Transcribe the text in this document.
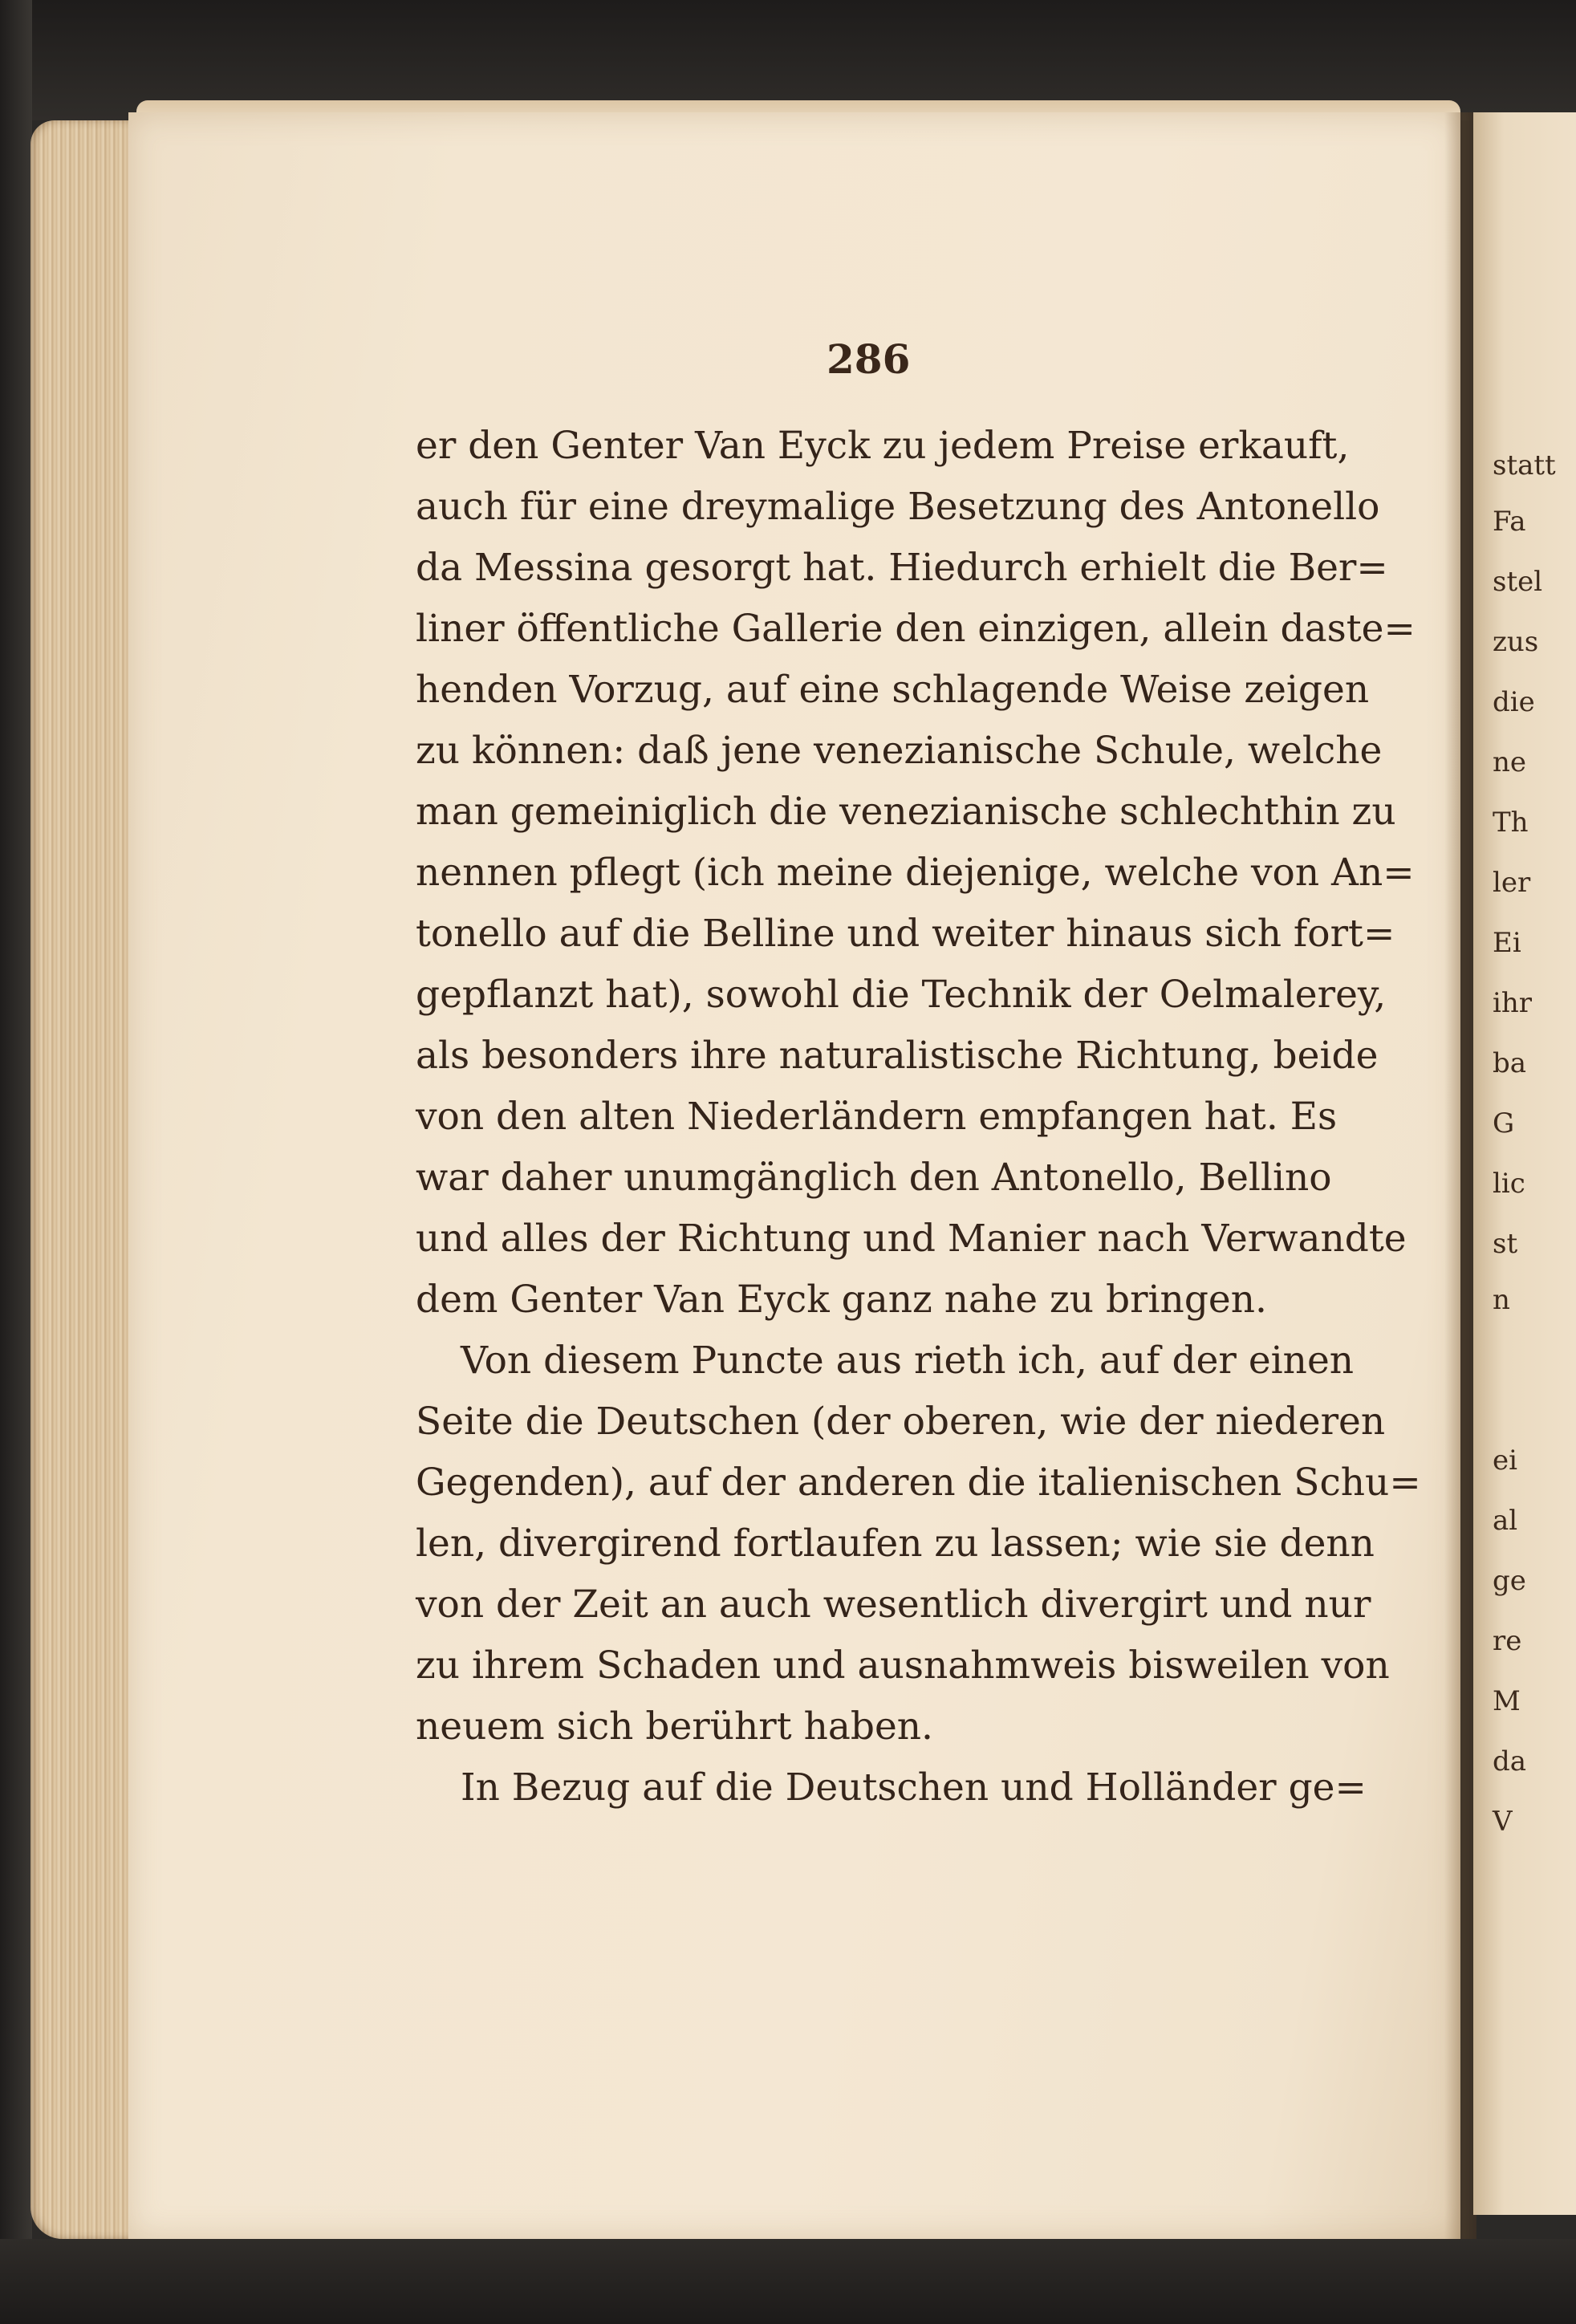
286
er den Genter Van Eyck zu jedem Preise erkauft,
auch für eine dreymalige Besetzung des Antonello
da Messina gesorgt hat. Hiedurch erhielt die Ber=
liner öffentliche Gallerie den einzigen, allein daste=
henden Vorzug, auf eine schlagende Weise zeigen
zu können: daß jene venezianische Schule, welche
man gemeiniglich die venezianische schlechthin zu
nennen pflegt (ich meine diejenige, welche von An=
tonello auf die Belline und weiter hinaus sich fort=
gepflanzt hat), sowohl die Technik der Oelmalerey,
als besonders ihre naturalistische Richtung, beide
von den alten Niederländern empfangen hat. Es
war daher unumgänglich den Antonello, Bellino
und alles der Richtung und Manier nach Verwandte
dem Genter Van Eyck ganz nahe zu bringen.
Von diesem Puncte aus rieth ich, auf der einen
Seite die Deutschen (der oberen, wie der niederen
Gegenden), auf der anderen die italienischen Schu=
len, divergirend fortlaufen zu lassen; wie sie denn
von der Zeit an auch wesentlich divergirt und nur
zu ihrem Schaden und ausnahmweis bisweilen von
neuem sich berührt haben.
In Bezug auf die Deutschen und Holländer ge=
statt
Fa
stel
zus
die
ne
Th
ler
Ei
ihr
ba
G
lic
st
n
ei
al
ge
re
M
da
V
